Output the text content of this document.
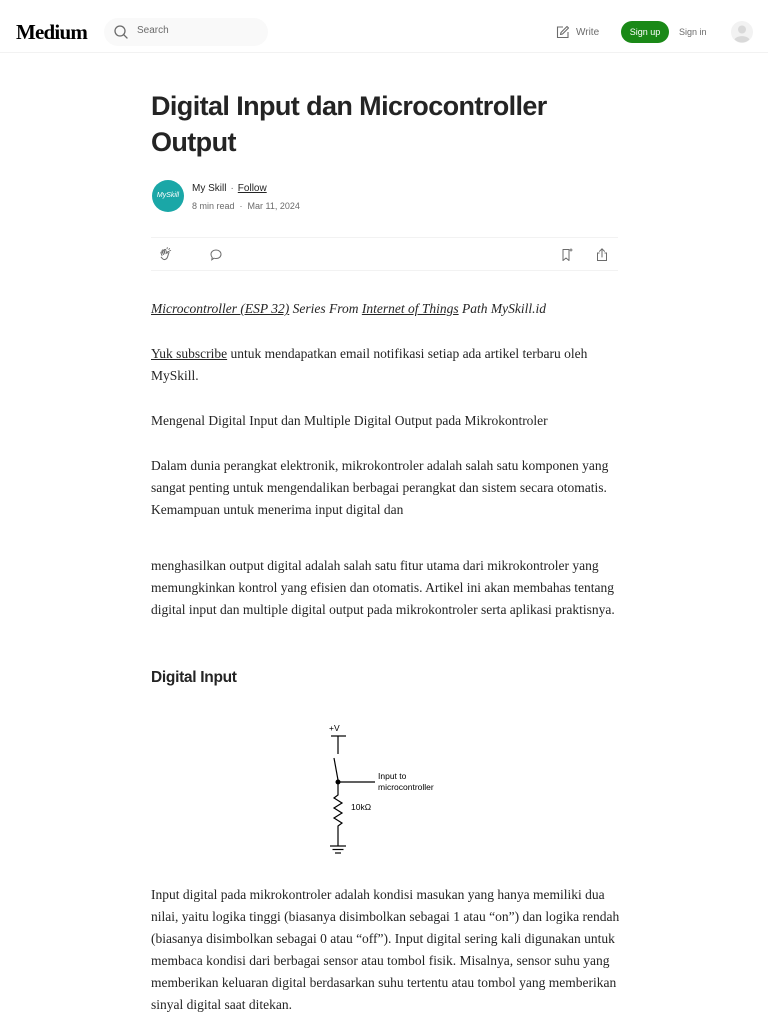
Medium	Search	Write	Sign up	Sign in
Digital Input dan Microcontroller Output
MySkill
My Skill · Follow
8 min read · Mar 11, 2024

Microcontroller (ESP 32) Series From Internet of Things Path MySkill.id

Yuk subscribe untuk mendapatkan email notifikasi setiap ada artikel terbaru oleh MySkill.

Mengenal Digital Input dan Multiple Digital Output pada Mikrokontroler

Dalam dunia perangkat elektronik, mikrokontroler adalah salah satu komponen yang sangat penting untuk mengendalikan berbagai perangkat dan sistem secara otomatis. Kemampuan untuk menerima input digital dan

menghasilkan output digital adalah salah satu fitur utama dari mikrokontroler yang memungkinkan kontrol yang efisien dan otomatis. Artikel ini akan membahas tentang digital input dan multiple digital output pada mikrokontroler serta aplikasi praktisnya.

Digital Input
+V
Input to
microcontroller
10kΩ

Input digital pada mikrokontroler adalah kondisi masukan yang hanya memiliki dua nilai, yaitu logika tinggi (biasanya disimbolkan sebagai 1 atau “on”) dan logika rendah (biasanya disimbolkan sebagai 0 atau “off”). Input digital sering kali digunakan untuk membaca kondisi dari berbagai sensor atau tombol fisik. Misalnya, sensor suhu yang memberikan keluaran digital berdasarkan suhu tertentu atau tombol yang memberikan sinyal digital saat ditekan.
